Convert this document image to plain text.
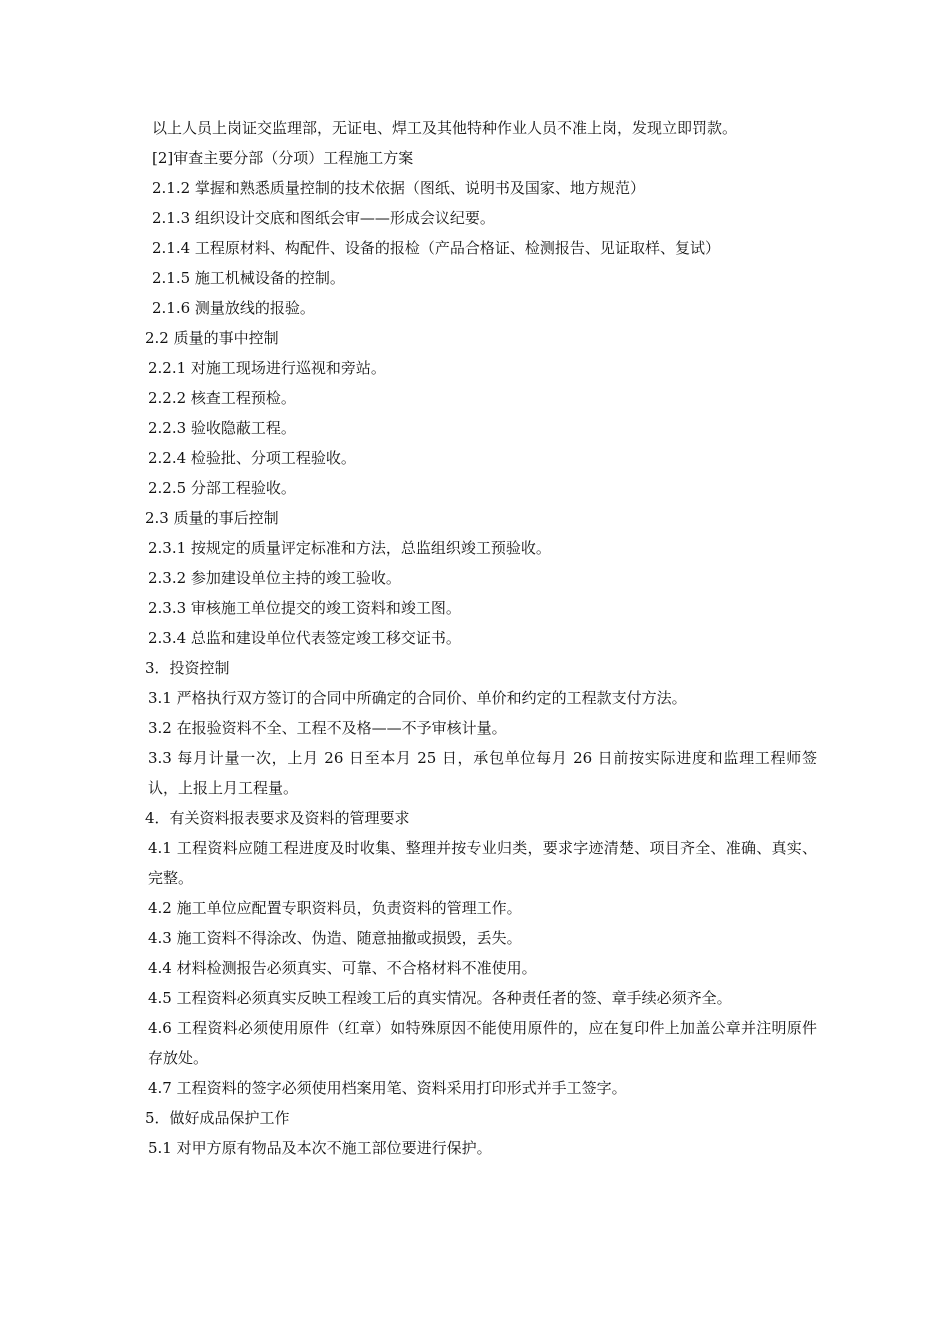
以上人员上岗证交监理部，无证电、焊工及其他特种作业人员不准上岗，发现立即罚款。
[2]审查主要分部（分项）工程施工方案
2.1.2 掌握和熟悉质量控制的技术依据（图纸、说明书及国家、地方规范）
2.1.3 组织设计交底和图纸会审——形成会议纪要。
2.1.4 工程原材料、构配件、设备的报检（产品合格证、检测报告、见证取样、复试）
2.1.5 施工机械设备的控制。
2.1.6 测量放线的报验。
2.2 质量的事中控制
2.2.1 对施工现场进行巡视和旁站。
2.2.2 核查工程预检。
2.2.3 验收隐蔽工程。
2.2.4 检验批、分项工程验收。
2.2.5 分部工程验收。
2.3 质量的事后控制
2.3.1 按规定的质量评定标准和方法，总监组织竣工预验收。
2.3.2 参加建设单位主持的竣工验收。
2.3.3 审核施工单位提交的竣工资料和竣工图。
2.3.4 总监和建设单位代表签定竣工移交证书。
3．投资控制
3.1 严格执行双方签订的合同中所确定的合同价、单价和约定的工程款支付方法。
3.2 在报验资料不全、工程不及格——不予审核计量。
3.3 每月计量一次，上月 26 日至本月 25 日，承包单位每月 26 日前按实际进度和监理工程师签认，上报上月工程量。
4．有关资料报表要求及资料的管理要求
4.1 工程资料应随工程进度及时收集、整理并按专业归类，要求字迹清楚、项目齐全、准确、真实、完整。
4.2 施工单位应配置专职资料员，负责资料的管理工作。
4.3 施工资料不得涂改、伪造、随意抽撤或损毁，丢失。
4.4 材料检测报告必须真实、可靠、不合格材料不准使用。
4.5 工程资料必须真实反映工程竣工后的真实情况。各种责任者的签、章手续必须齐全。
4.6 工程资料必须使用原件（红章）如特殊原因不能使用原件的，应在复印件上加盖公章并注明原件存放处。
4.7 工程资料的签字必须使用档案用笔、资料采用打印形式并手工签字。
5．做好成品保护工作
5.1 对甲方原有物品及本次不施工部位要进行保护。
